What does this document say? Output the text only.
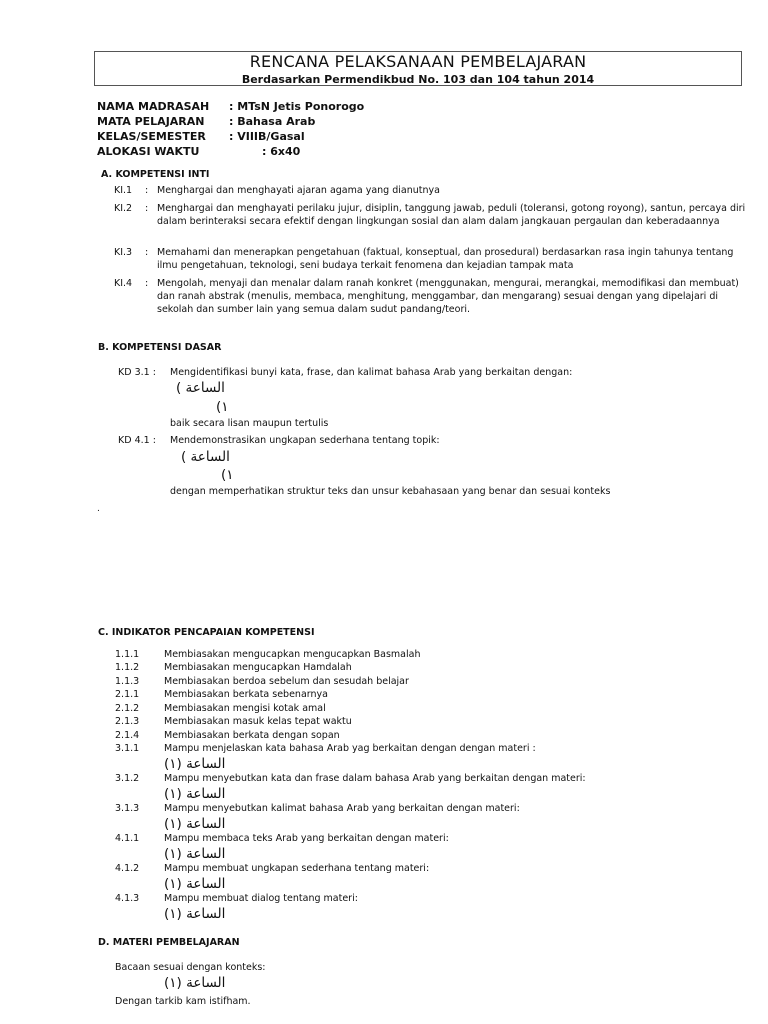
RENCANA PELAKSANAAN PEMBELAJARAN
Berdasarkan Permendikbud No. 103 dan 104 tahun 2014
NAMA MADRASAH : MTsN Jetis Ponorogo
MATA PELAJARAN : Bahasa Arab
KELAS/SEMESTER : VIIIB/Gasal
ALOKASI WAKTU	: 6x40
A. KOMPETENSI INTI
KI.1 : Menghargai dan menghayati ajaran agama yang dianutnya
KI.2 : Menghargai dan menghayati perilaku jujur, disiplin, tanggung jawab, peduli (toleransi, gotong royong), santun, percaya diri dalam berinteraksi secara efektif dengan lingkungan sosial dan alam dalam jangkauan pergaulan dan keberadaannya
KI.3 : Memahami dan menerapkan pengetahuan (faktual, konseptual, dan prosedural) berdasarkan rasa ingin tahunya tentang ilmu pengetahuan, teknologi, seni budaya terkait fenomena dan kejadian tampak mata
KI.4 : Mengolah, menyaji dan menalar dalam ranah konkret (menggunakan, mengurai, merangkai, memodifikasi dan membuat) dan ranah abstrak (menulis, membaca, menghitung, menggambar, dan mengarang) sesuai dengan yang dipelajari di sekolah dan sumber lain yang semua dalam sudut pandang/teori.
B. KOMPETENSI DASAR
KD 3.1 : Mengidentifikasi bunyi kata, frase, dan kalimat bahasa Arab yang berkaitan dengan:
الساعة )
(١
baik secara lisan maupun tertulis
KD 4.1 : Mendemonstrasikan ungkapan sederhana tentang topik:
الساعة )
(١
dengan memperhatikan struktur teks dan unsur kebahasaan yang benar dan sesuai konteks
.
C. INDIKATOR PENCAPAIAN KOMPETENSI
1.1.1	Membiasakan mengucapkan mengucapkan Basmalah
1.1.2	Membiasakan mengucapkan Hamdalah
1.1.3	Membiasakan berdoa sebelum dan sesudah belajar
2.1.1	Membiasakan berkata sebenarnya
2.1.2	Membiasakan mengisi kotak amal
2.1.3	Membiasakan masuk kelas tepat waktu
2.1.4	Membiasakan berkata dengan sopan
3.1.1	Mampu menjelaskan kata bahasa Arab yag berkaitan dengan dengan materi :
الساعة (١)
3.1.2	Mampu menyebutkan kata dan frase dalam bahasa Arab yang berkaitan dengan materi:
الساعة (١)
3.1.3	Mampu menyebutkan kalimat bahasa Arab yang berkaitan dengan materi:
الساعة (١)
4.1.1	Mampu membaca teks Arab yang berkaitan dengan materi:
الساعة (١)
4.1.2	Mampu membuat ungkapan sederhana tentang materi:
الساعة (١)
4.1.3	Mampu membuat dialog tentang materi:
الساعة (١)
D. MATERI PEMBELAJARAN
Bacaan sesuai dengan konteks:
الساعة (١)
Dengan tarkib kam istifham.
